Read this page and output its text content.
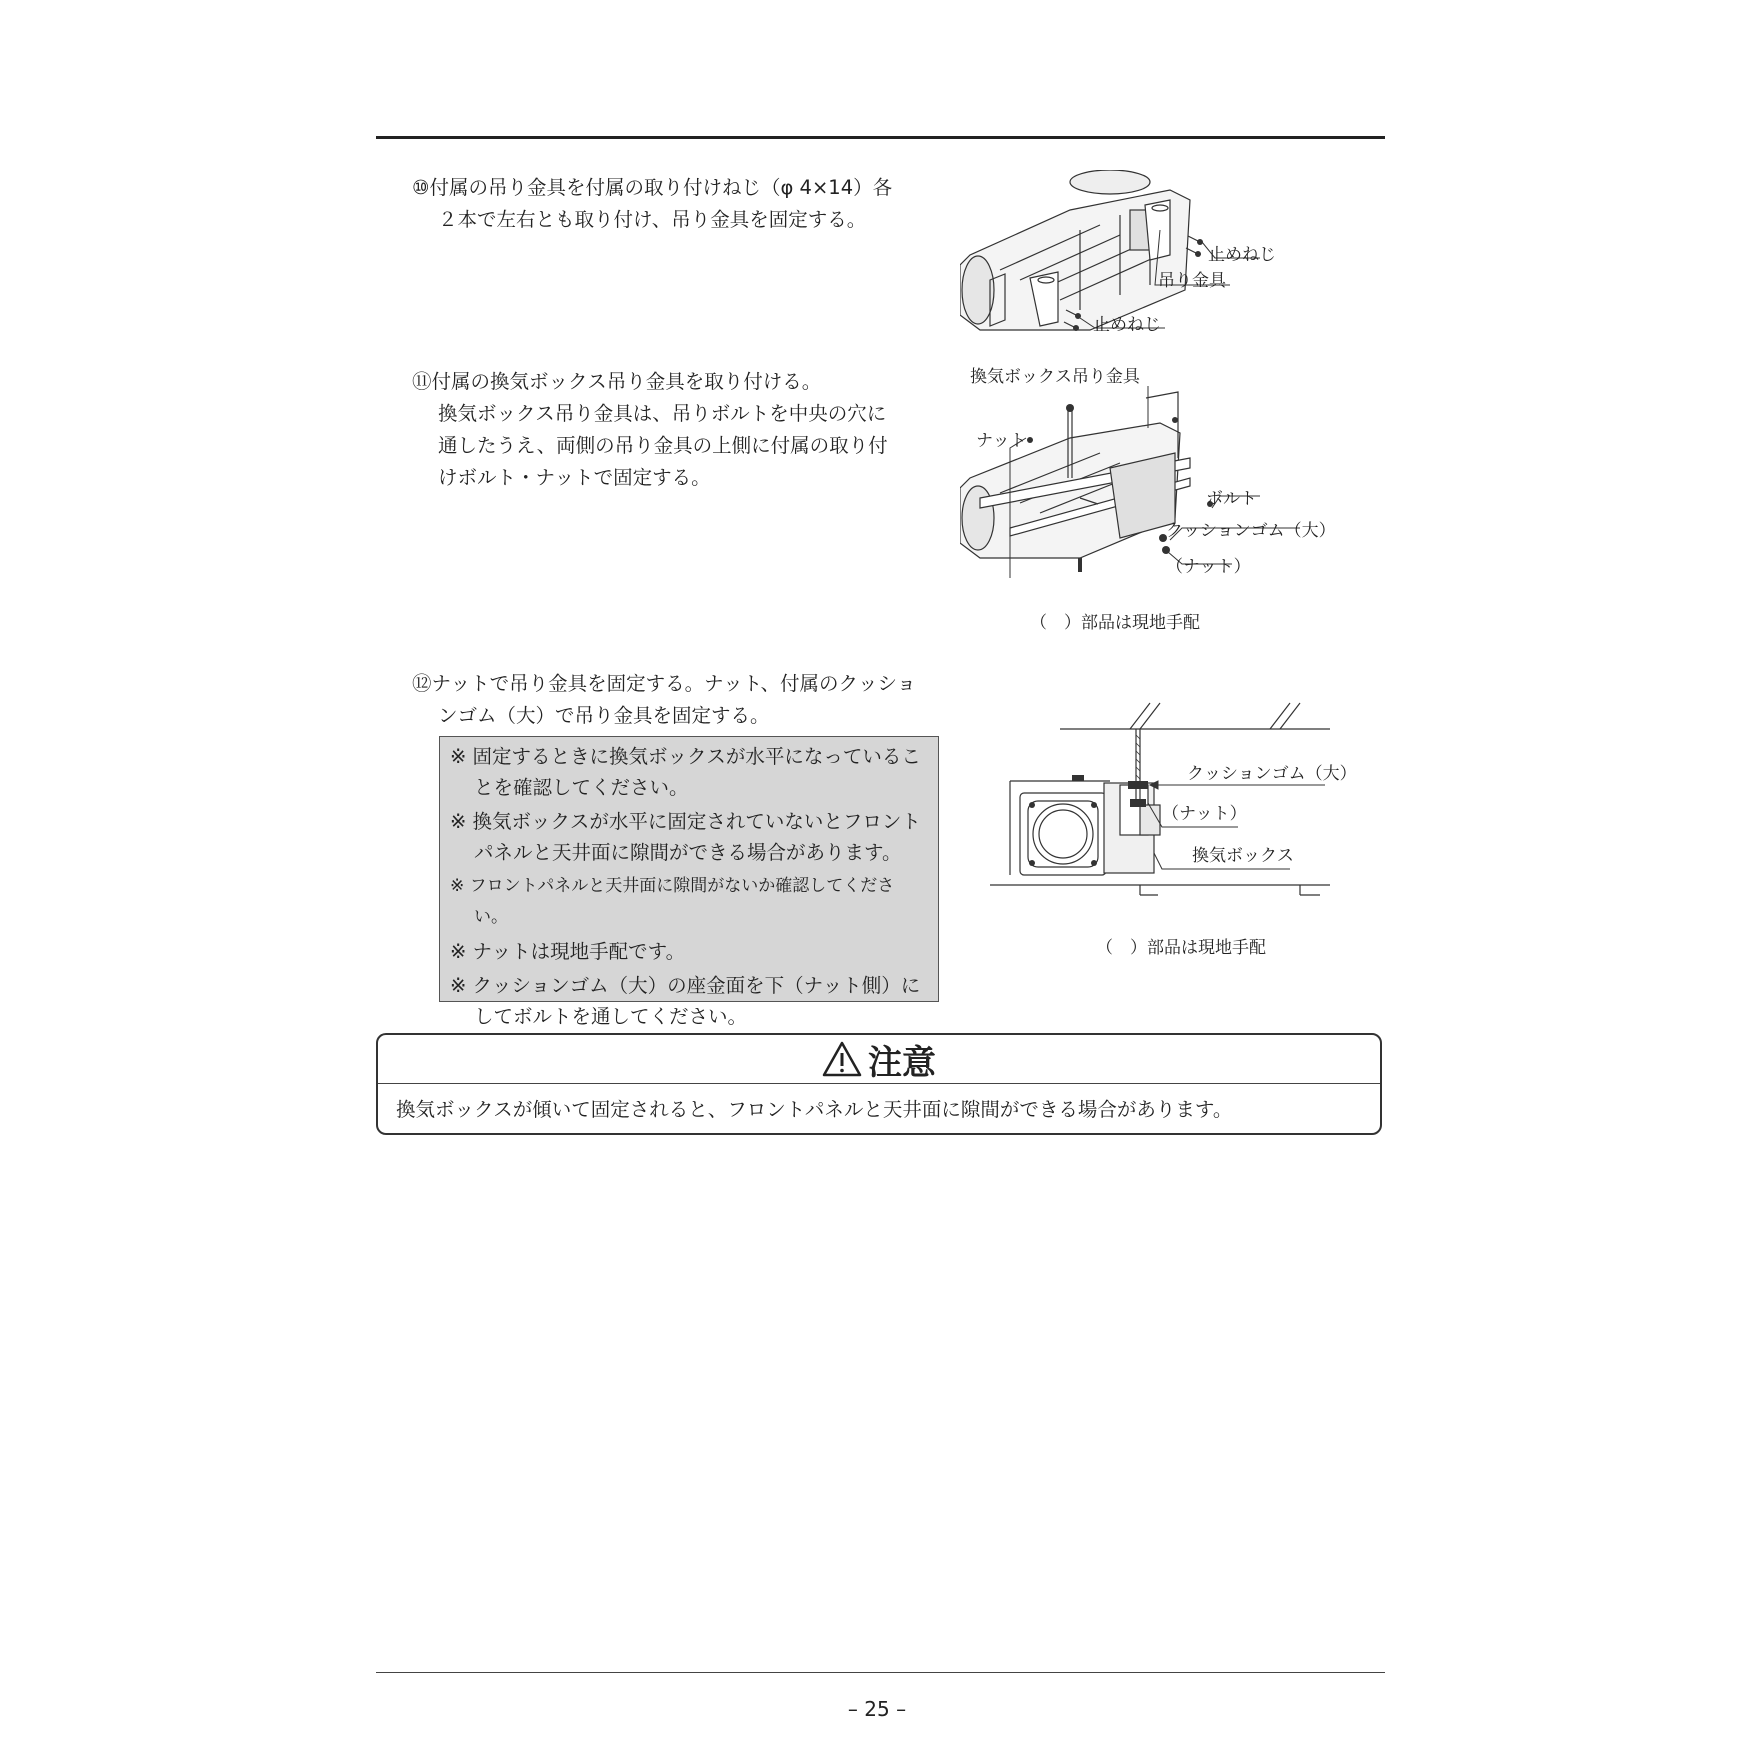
⑩付属の吊り金具を付属の取り付けねじ（φ 4×14）各

２本で左右とも取り付け、吊り金具を固定する。

止めねじ
吊り金具
止めねじ

⑪付属の換気ボックス吊り金具を取り付ける。

換気ボックス吊り金具は、吊りボルトを中央の穴に

通したうえ、両側の吊り金具の上側に付属の取り付

けボルト・ナットで固定する。

換気ボックス吊り金具
ナット
ボルト
クッションゴム（大）
（ナット）
（　）部品は現地手配

⑫ナットで吊り金具を固定する。ナット、付属のクッショ

ンゴム（大）で吊り金具を固定する。

※ 固定するときに換気ボックスが水平になっていることを確認してください。

※ 換気ボックスが水平に固定されていないとフロントパネルと天井面に隙間ができる場合があります。

※ フロントパネルと天井面に隙間がないか確認してください。

※ ナットは現地手配です。

※ クッションゴム（大）の座金面を下（ナット側）にしてボルトを通してください。

クッションゴム（大）
（ナット）
換気ボックス
（　）部品は現地手配
注意
換気ボックスが傾いて固定されると、フロントパネルと天井面に隙間ができる場合があります。
– 25 –
